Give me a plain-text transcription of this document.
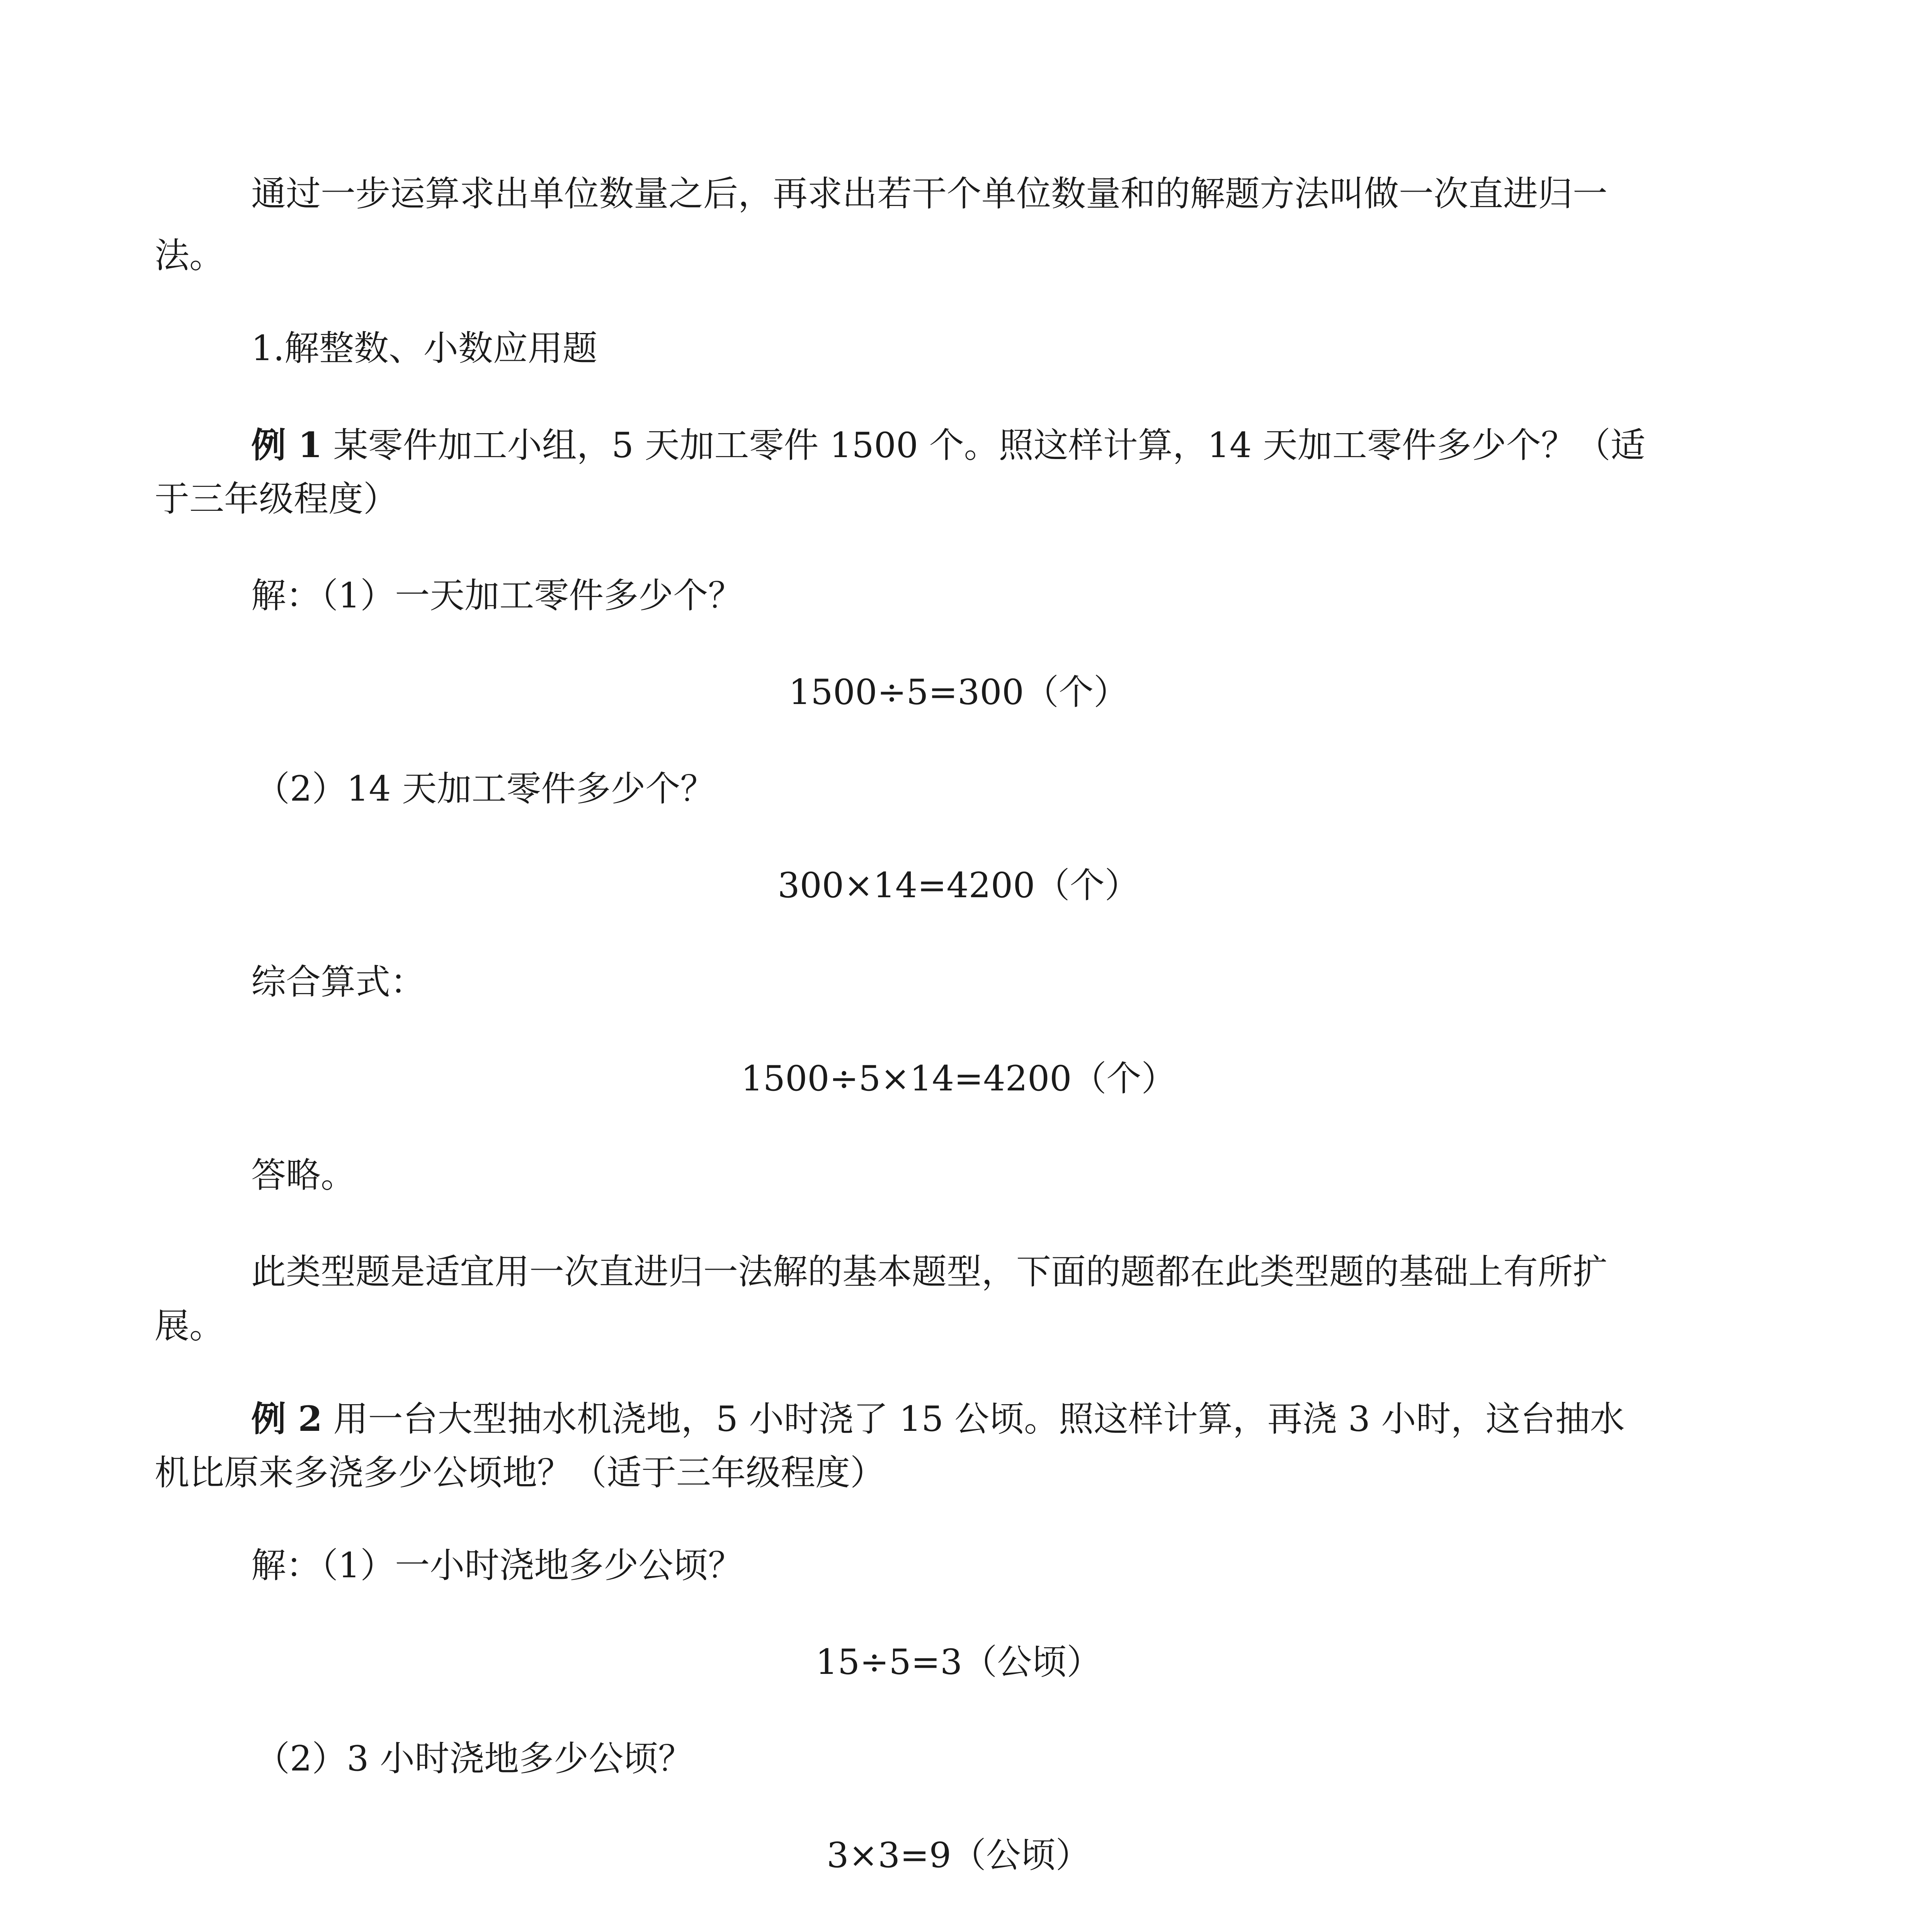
通过一步运算求出单位数量之后，再求出若干个单位数量和的解题方法叫做一次直进归一
法。
1.解整数、小数应用题
例 1 某零件加工小组，5 天加工零件 1500 个。照这样计算，14 天加工零件多少个？（适
于三年级程度）
解：（1）一天加工零件多少个？
1500÷5=300（个）
（2）14 天加工零件多少个？
300×14=4200（个）
综合算式：
1500÷5×14=4200（个）
答略。
此类型题是适宜用一次直进归一法解的基本题型，下面的题都在此类型题的基础上有所扩
展。
例 2 用一台大型抽水机浇地，5 小时浇了 15 公顷。照这样计算，再浇 3 小时，这台抽水
机比原来多浇多少公顷地？（适于三年级程度）
解：（1）一小时浇地多少公顷？
15÷5=3（公顷）
（2）3 小时浇地多少公顷？
3×3=9（公顷）
